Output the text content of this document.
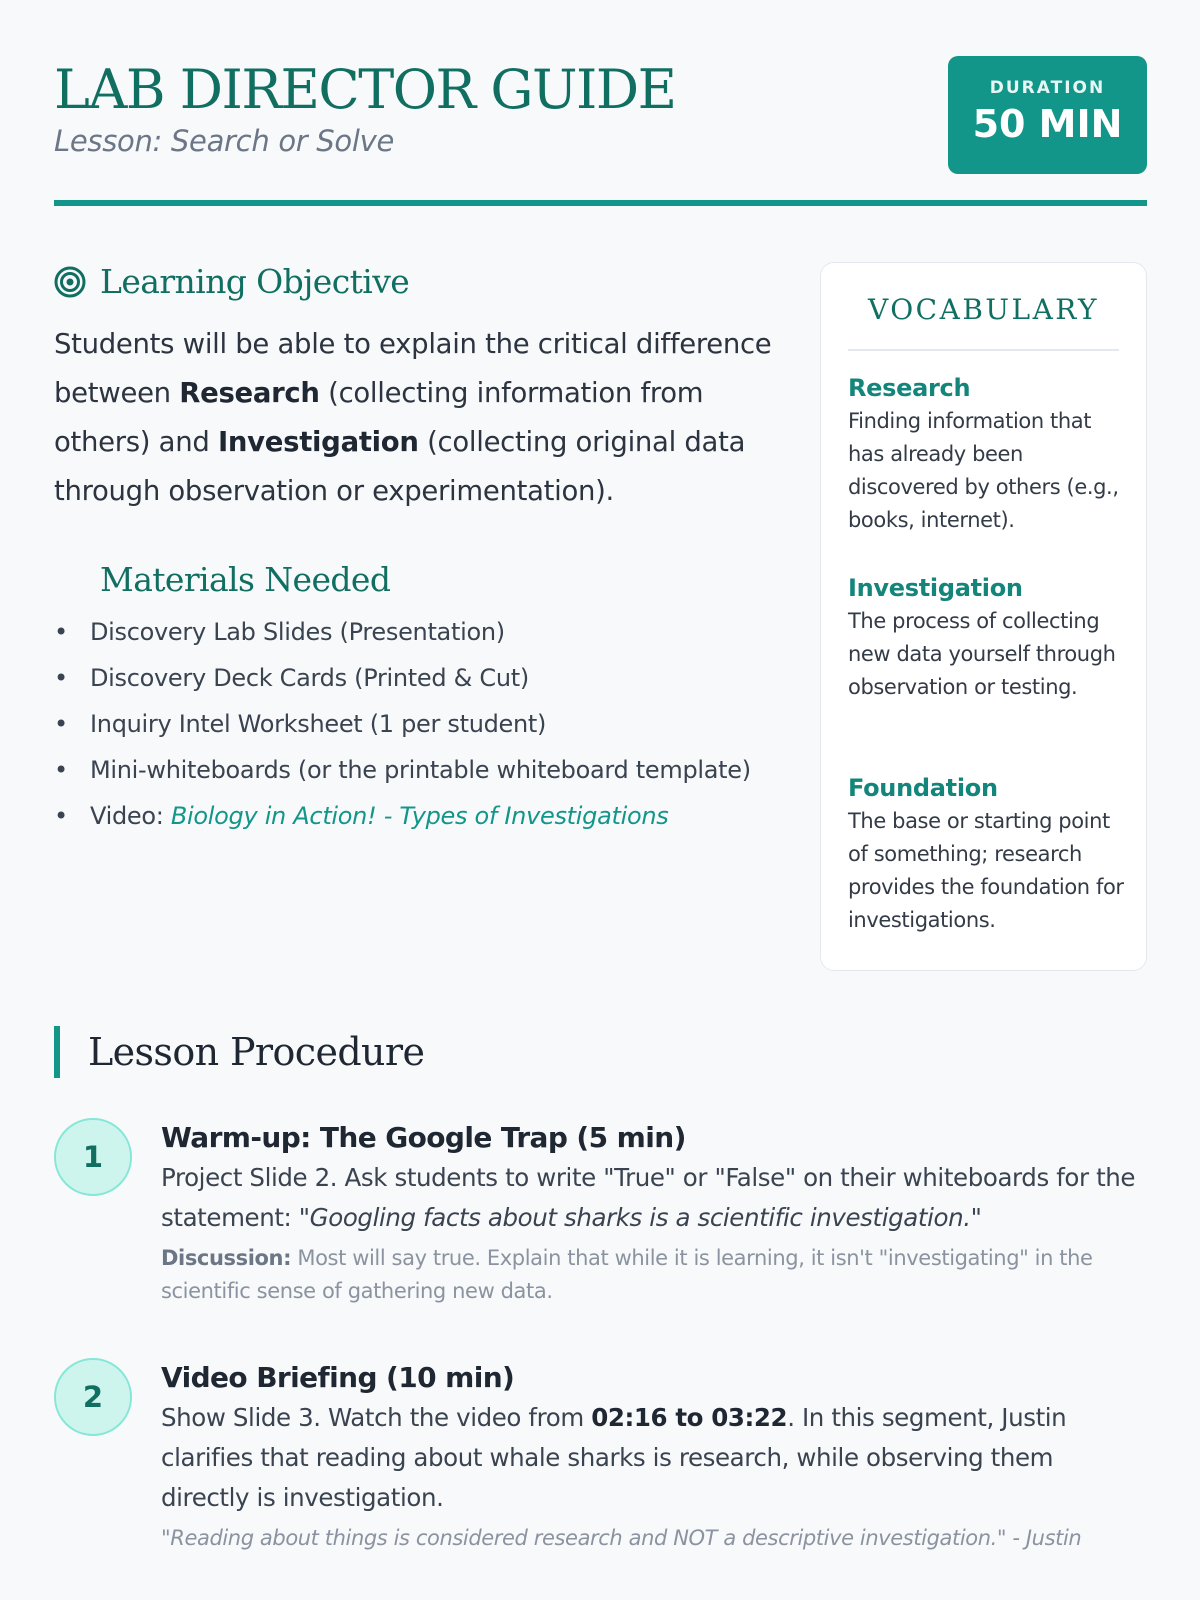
LAB DIRECTOR GUIDE
Lesson: Search or Solve
DURATION
50 MIN
Learning Objective

Students will be able to explain the critical difference between Research (collecting information from others) and Investigation (collecting original data through observation or experimentation).

Materials Needed
• Discovery Lab Slides (Presentation)
• Discovery Deck Cards (Printed & Cut)
• Inquiry Intel Worksheet (1 per student)
• Mini-whiteboards (or the printable whiteboard template)
• Video: Biology in Action! - Types of Investigations
VOCABULARY
Research
Finding information that has already been discovered by others (e.g., books, internet).
Investigation
The process of collecting new data yourself through observation or testing.
Foundation
The base or starting point of something; research provides the foundation for investigations.
Lesson Procedure
1
Warm-up: The Google Trap (5 min)
Project Slide 2. Ask students to write "True" or "False" on their whiteboards for the statement: "Googling facts about sharks is a scientific investigation."
Discussion: Most will say true. Explain that while it is learning, it isn't "investigating" in the scientific sense of gathering new data.
2
Video Briefing (10 min)
Show Slide 3. Watch the video from 02:16 to 03:22. In this segment, Justin clarifies that reading about whale sharks is research, while observing them directly is investigation.
"Reading about things is considered research and NOT a descriptive investigation." - Justin
